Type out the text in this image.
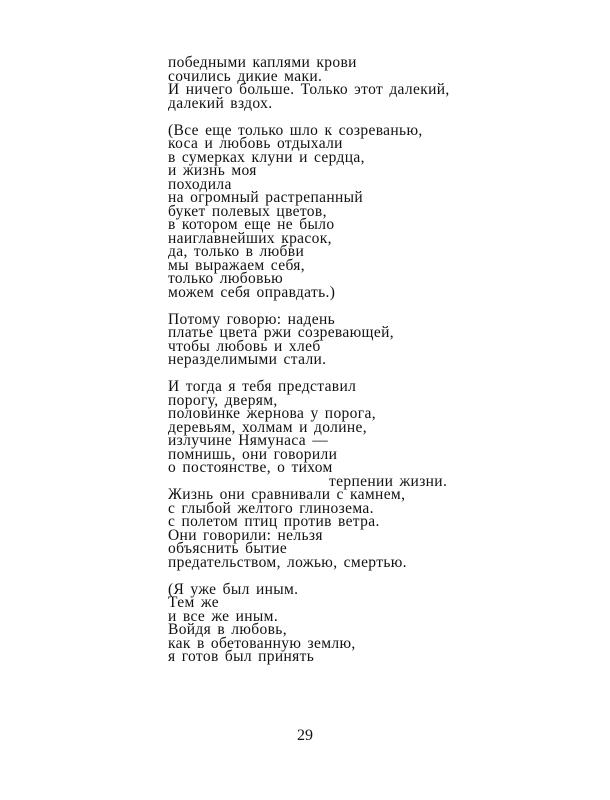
победными каплями крови
сочились дикие маки.
И ничего больше. Только этот далекий,
далекий вздох.
(Все еще только шло к созреванью,
коса и любовь отдыхали
в сумерках клуни и сердца,
и жизнь моя
походила
на огромный растрепанный
букет полевых цветов,
в котором еще не было
наиглавнейших красок,
да, только в любви
мы выражаем себя,
только любовью
можем себя оправдать.)
Потому говорю: надень
платье цвета ржи созревающей,
чтобы любовь и хлеб
неразделимыми стали.
И тогда я тебя представил
порогу, дверям,
половинке жернова у порога,
деревьям, холмам и долине,
излучине Нямунаса —
помнишь, они говорили
о постоянстве, о тихом
терпении жизни.
Жизнь они сравнивали с камнем,
с глыбой желтого глинозема.
с полетом птиц против ветра.
Они говорили: нельзя
объяснить бытие
предательством, ложью, смертью.
(Я уже был иным.
Тем же
и все же иным.
Войдя в любовь,
как в обетованную землю,
я готов был принять
29
